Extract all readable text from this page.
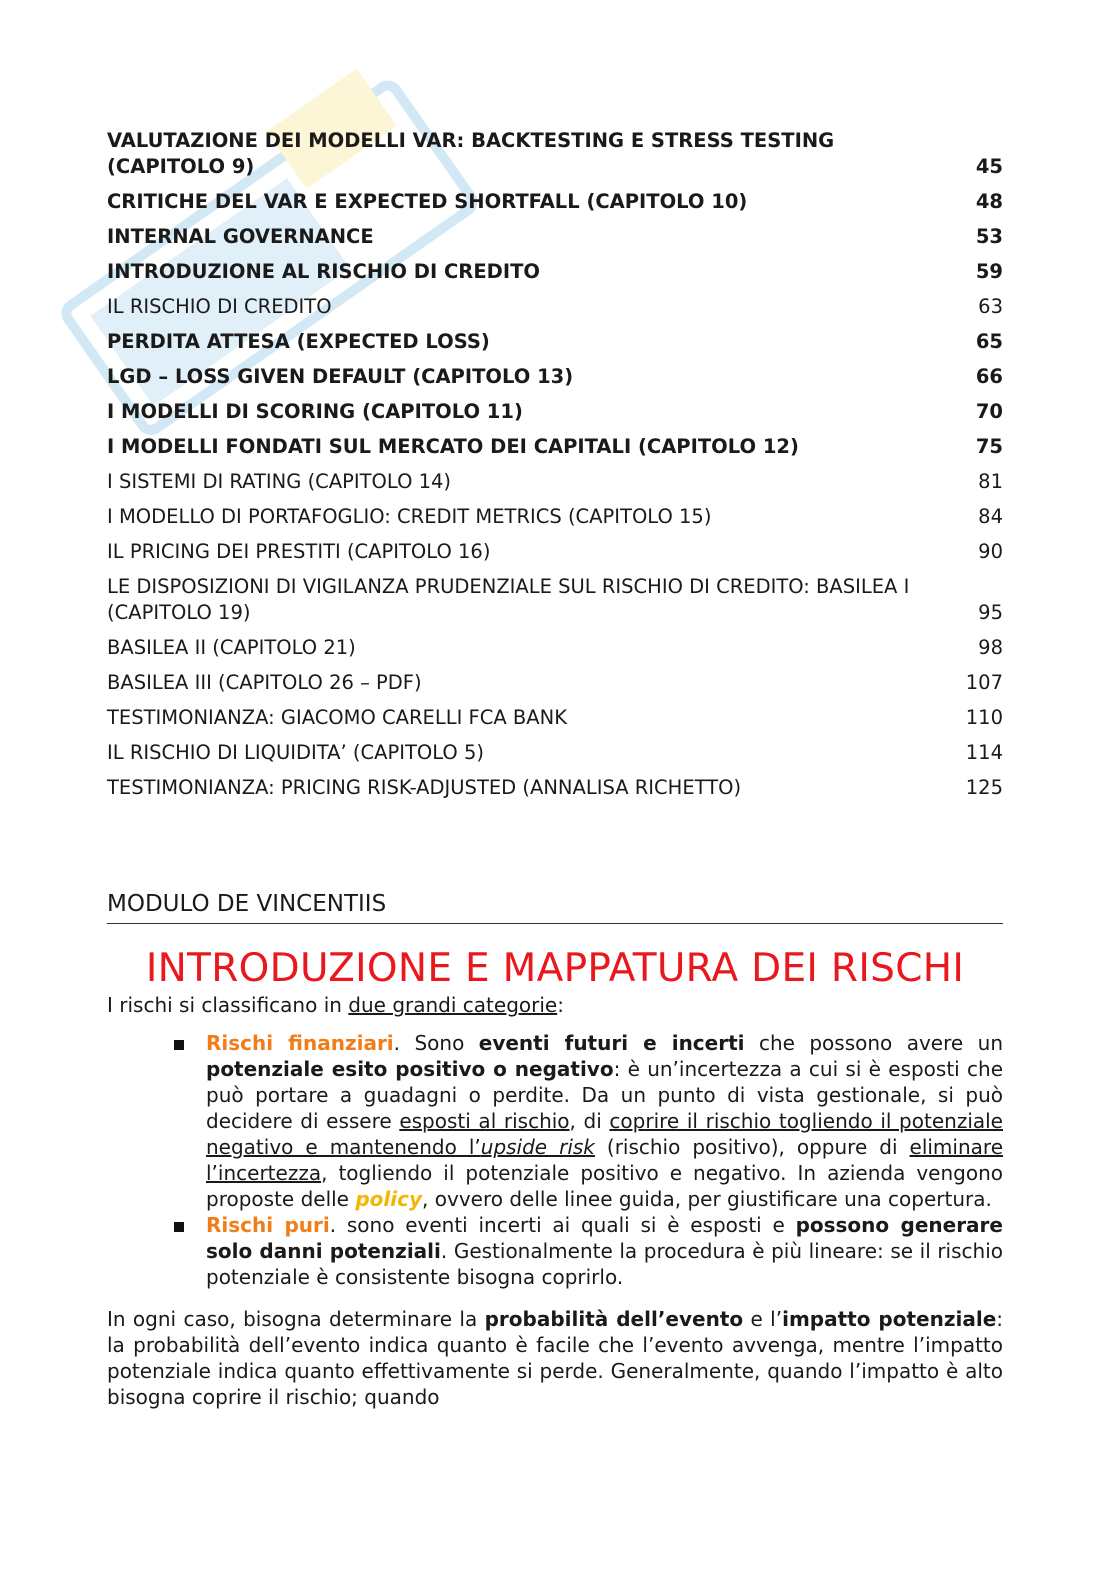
VALUTAZIONE DEI MODELLI VAR: BACKTESTING E STRESS TESTING (CAPITOLO 9)	45
CRITICHE DEL VAR E EXPECTED SHORTFALL (CAPITOLO 10)	48
INTERNAL GOVERNANCE	53
INTRODUZIONE AL RISCHIO DI CREDITO	59
IL RISCHIO DI CREDITO	63
PERDITA ATTESA (EXPECTED LOSS)	65
LGD – LOSS GIVEN DEFAULT (CAPITOLO 13)	66
I MODELLI DI SCORING (CAPITOLO 11)	70
I MODELLI FONDATI SUL MERCATO DEI CAPITALI (CAPITOLO 12)	75
I SISTEMI DI RATING (CAPITOLO 14)	81
I MODELLO DI PORTAFOGLIO: CREDIT METRICS (CAPITOLO 15)	84
IL PRICING DEI PRESTITI (CAPITOLO 16)	90
LE DISPOSIZIONI DI VIGILANZA PRUDENZIALE SUL RISCHIO DI CREDITO: BASILEA I (CAPITOLO 19)	95
BASILEA II (CAPITOLO 21)	98
BASILEA III (CAPITOLO 26 – PDF)	107
TESTIMONIANZA: GIACOMO CARELLI FCA BANK	110
IL RISCHIO DI LIQUIDITA’ (CAPITOLO 5)	114
TESTIMONIANZA: PRICING RISK-ADJUSTED (ANNALISA RICHETTO)	125
MODULO DE VINCENTIIS
INTRODUZIONE E MAPPATURA DEI RISCHI

I rischi si classificano in due grandi categorie:

Rischi finanziari. Sono eventi futuri e incerti che possono avere un potenziale esito positivo o negativo: è un’incertezza a cui si è esposti che può portare a guadagni o perdite. Da un punto di vista gestionale, si può decidere di essere esposti al rischio, di coprire il rischio togliendo il potenziale negativo e mantenendo l’upside risk (rischio positivo), oppure di eliminare l’incertezza, togliendo il potenziale positivo e negativo. In azienda vengono proposte delle policy, ovvero delle linee guida, per giustificare una copertura.
Rischi puri. sono eventi incerti ai quali si è esposti e possono generare solo danni potenziali. Gestionalmente la procedura è più lineare: se il rischio potenziale è consistente bisogna coprirlo.

In ogni caso, bisogna determinare la probabilità dell’evento e l’impatto potenziale: la probabilità dell’evento indica quanto è facile che l’evento avvenga, mentre l’impatto potenziale indica quanto effettivamente si perde. Generalmente, quando l’impatto è alto bisogna coprire il rischio; quando
